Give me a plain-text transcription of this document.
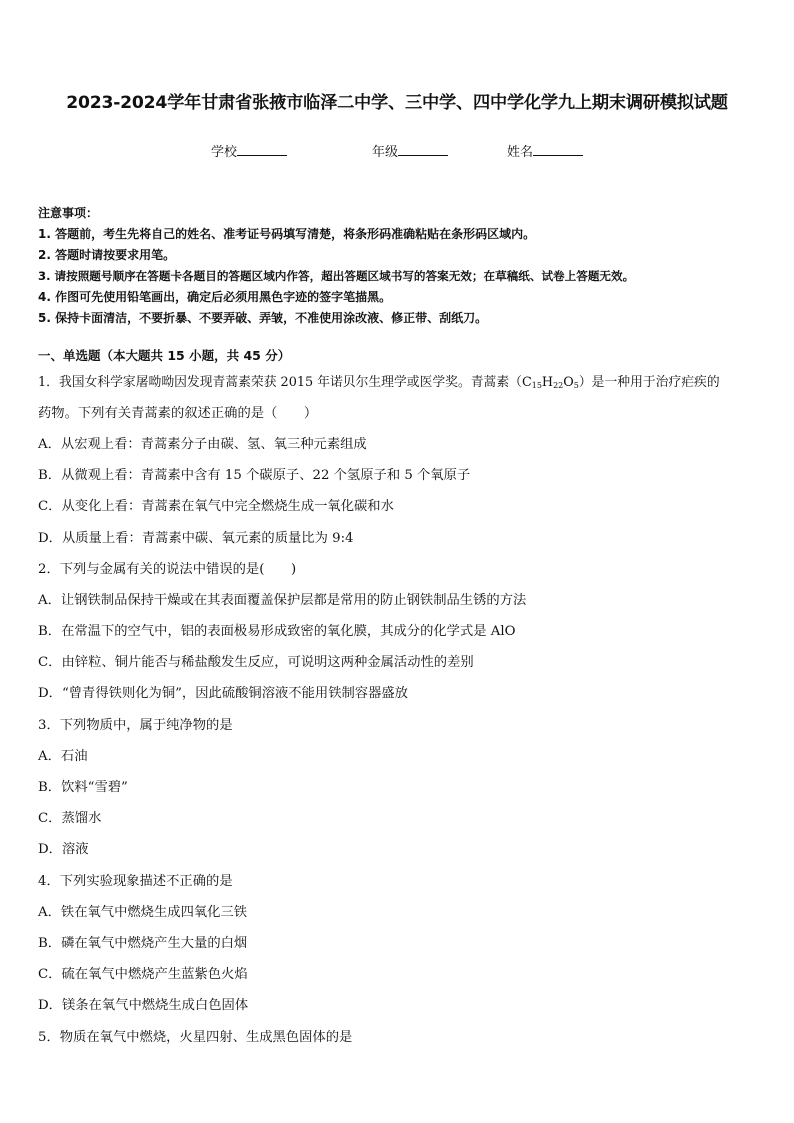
2023-2024学年甘肃省张掖市临泽二中学、三中学、四中学化学九上期末调研模拟试题
学校	年级	姓名
注意事项：
1. 答题前，考生先将自己的姓名、准考证号码填写清楚，将条形码准确粘贴在条形码区域内。
2. 答题时请按要求用笔。
3. 请按照题号顺序在答题卡各题目的答题区域内作答，超出答题区域书写的答案无效；在草稿纸、试卷上答题无效。
4. 作图可先使用铅笔画出，确定后必须用黑色字迹的签字笔描黑。
5. 保持卡面清洁，不要折暴、不要弄破、弄皱，不准使用涂改液、修正带、刮纸刀。
一、单选题（本大题共 15 小题，共 45 分）
1．我国女科学家屠呦呦因发现青蒿素荣获 2015 年诺贝尔生理学或医学奖。青蒿素$(C_{15}H_{22}O_5)$是一种用于治疗疟疾的
药物。下列有关青蒿素的叙述正确的是（　　）
A．从宏观上看：青蒿素分子由碳、氢、氧三种元素组成
B．从微观上看：青蒿素中含有 15 个碳原子、22 个氢原子和 5 个氧原子
C．从变化上看：青蒿素在氧气中完全燃烧生成一氧化碳和水
D．从质量上看：青蒿素中碳、氧元素的质量比为 9:4
2．下列与金属有关的说法中错误的是(　　)
A．让钢铁制品保持干燥或在其表面覆盖保护层都是常用的防止钢铁制品生锈的方法
B．在常温下的空气中，铝的表面极易形成致密的氧化膜，其成分的化学式是 AlO
C．由锌粒、铜片能否与稀盐酸发生反应，可说明这两种金属活动性的差别
D．“曾青得铁则化为铜”，因此硫酸铜溶液不能用铁制容器盛放
3．下列物质中，属于纯净物的是
A．石油
B．饮料“雪碧”
C．蒸馏水
D．溶液
4．下列实验现象描述不正确的是
A．铁在氧气中燃烧生成四氧化三铁
B．磷在氧气中燃烧产生大量的白烟
C．硫在氧气中燃烧产生蓝紫色火焰
D．镁条在氧气中燃烧生成白色固体
5．物质在氧气中燃烧，火星四射、生成黑色固体的是
